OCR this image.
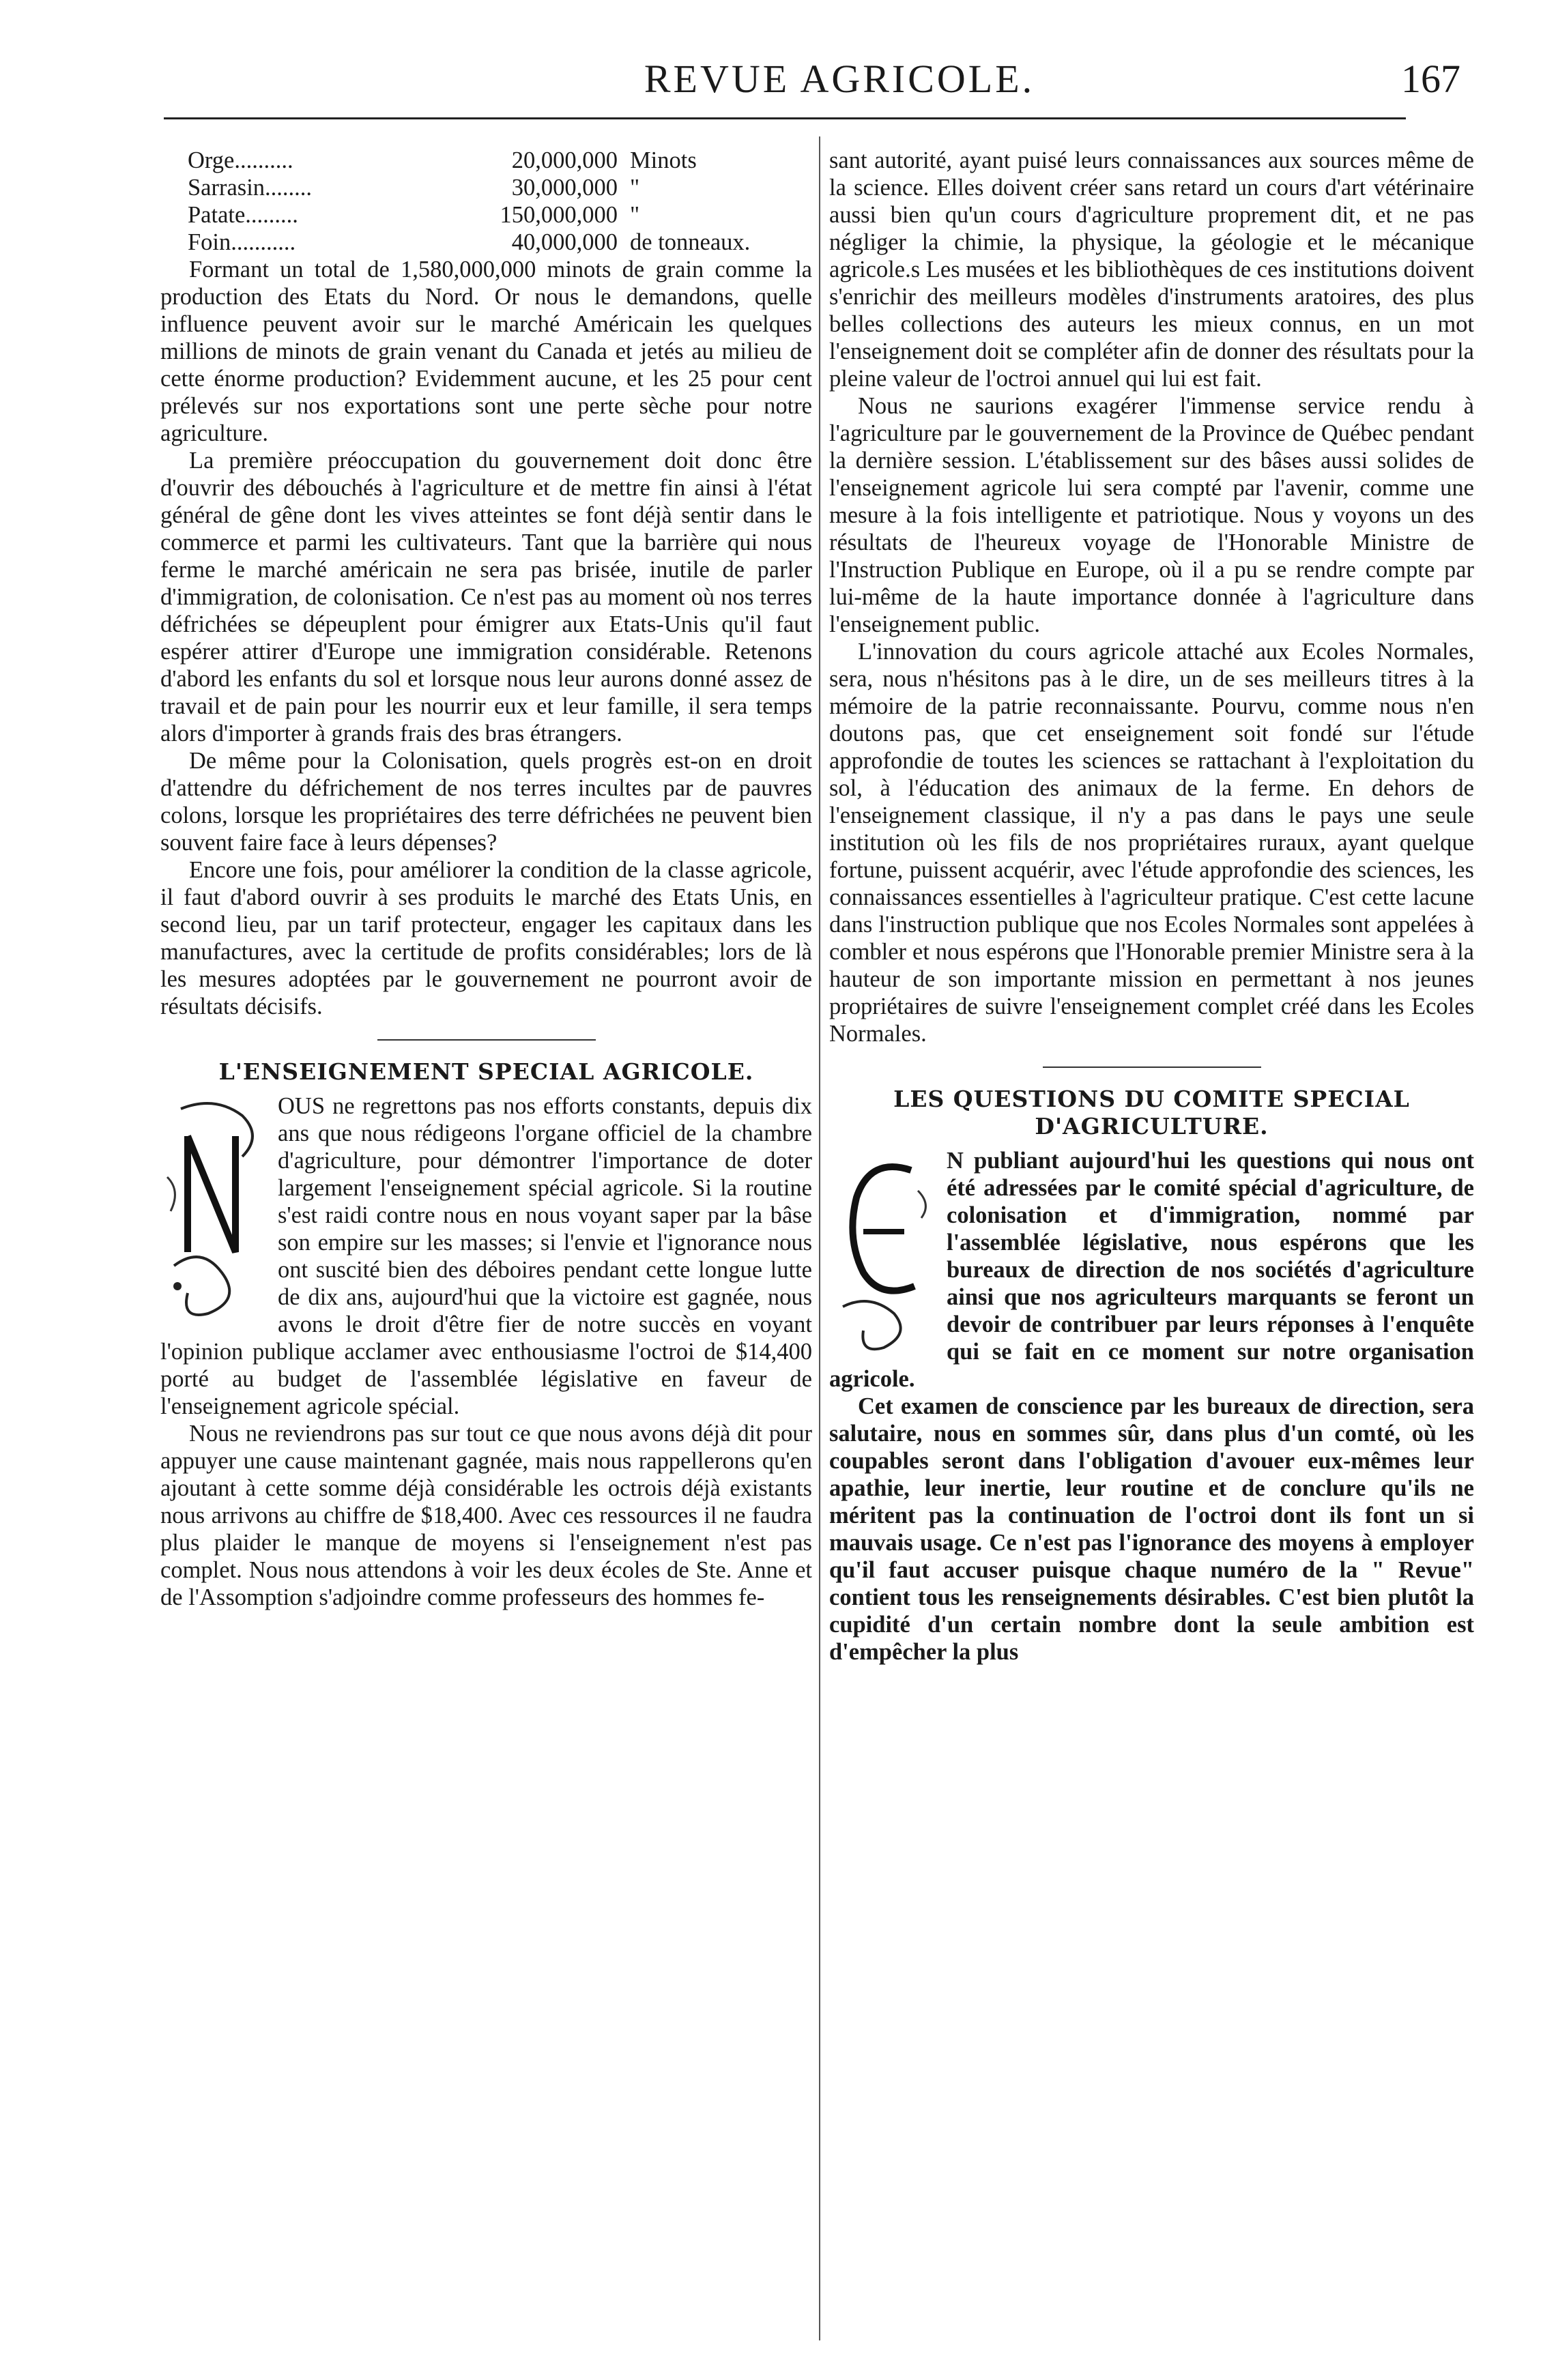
REVUE AGRICOLE.	167
Orge..........	20,000,000 Minots
Sarrasin........	30,000,000 "
Patate.........	150,000,000 "
Foin...........	40,000,000 de tonneaux.

Formant un total de 1,580,000,000 minots de grain comme la production des Etats du Nord. Or nous le demandons, quelle influence peuvent avoir sur le marché Américain les quelques millions de minots de grain venant du Canada et jetés au milieu de cette énorme production? Evidemment aucune, et les 25 pour cent prélevés sur nos exportations sont une perte sèche pour notre agriculture.

La première préoccupation du gouvernement doit donc être d'ouvrir des débouchés à l'agriculture et de mettre fin ainsi à l'état général de gêne dont les vives atteintes se font déjà sentir dans le commerce et parmi les cultivateurs. Tant que la barrière qui nous ferme le marché américain ne sera pas brisée, inutile de parler d'immigration, de colonisation. Ce n'est pas au moment où nos terres défrichées se dépeuplent pour émigrer aux Etats-Unis qu'il faut espérer attirer d'Europe une immigration considérable. Retenons d'abord les enfants du sol et lorsque nous leur aurons donné assez de travail et de pain pour les nourrir eux et leur famille, il sera temps alors d'importer à grands frais des bras étrangers.

De même pour la Colonisation, quels progrès est-on en droit d'attendre du défrichement de nos terres incultes par de pauvres colons, lorsque les propriétaires des terre défrichées ne peuvent bien souvent faire face à leurs dépenses?

Encore une fois, pour améliorer la condition de la classe agricole, il faut d'abord ouvrir à ses produits le marché des Etats Unis, en second lieu, par un tarif protecteur, engager les capitaux dans les manufactures, avec la certitude de profits considérables; lors de là les mesures adoptées par le gouvernement ne pourront avoir de résultats décisifs.

L'ENSEIGNEMENT SPECIAL AGRICOLE.

OUS ne regrettons pas nos efforts constants, depuis dix ans que nous rédigeons l'organe officiel de la chambre d'agriculture, pour démontrer l'importance de doter largement l'enseignement spécial agricole. Si la routine s'est raidi contre nous en nous voyant saper par la bâse son empire sur les masses; si l'envie et l'ignorance nous ont suscité bien des déboires pendant cette longue lutte de dix ans, aujourd'hui que la victoire est gagnée, nous avons le droit d'être fier de notre succès en voyant l'opinion publique acclamer avec enthousiasme l'octroi de $14,400 porté au budget de l'assemblée législative en faveur de l'enseignement agricole spécial.

Nous ne reviendrons pas sur tout ce que nous avons déjà dit pour appuyer une cause maintenant gagnée, mais nous rappellerons qu'en ajoutant à cette somme déjà considérable les octrois déjà existants nous arrivons au chiffre de $18,400. Avec ces ressources il ne faudra plus plaider le manque de moyens si l'enseignement n'est pas complet. Nous nous attendons à voir les deux écoles de Ste. Anne et de l'Assomption s'adjoindre comme professeurs des hommes fe-

sant autorité, ayant puisé leurs connaissances aux sources même de la science. Elles doivent créer sans retard un cours d'art vétérinaire aussi bien qu'un cours d'agriculture proprement dit, et ne pas négliger la chimie, la physique, la géologie et le mécanique agricole.s Les musées et les bibliothèques de ces institutions doivent s'enrichir des meilleurs modèles d'instruments aratoires, des plus belles collections des auteurs les mieux connus, en un mot l'enseignement doit se compléter afin de donner des résultats pour la pleine valeur de l'octroi annuel qui lui est fait.

Nous ne saurions exagérer l'immense service rendu à l'agriculture par le gouvernement de la Province de Québec pendant la dernière session. L'établissement sur des bâses aussi solides de l'enseignement agricole lui sera compté par l'avenir, comme une mesure à la fois intelligente et patriotique. Nous y voyons un des résultats de l'heureux voyage de l'Honorable Ministre de l'Instruction Publique en Europe, où il a pu se rendre compte par lui-même de la haute importance donnée à l'agriculture dans l'enseignement public.

L'innovation du cours agricole attaché aux Ecoles Normales, sera, nous n'hésitons pas à le dire, un de ses meilleurs titres à la mémoire de la patrie reconnaissante. Pourvu, comme nous n'en doutons pas, que cet enseignement soit fondé sur l'étude approfondie de toutes les sciences se rattachant à l'exploitation du sol, à l'éducation des animaux de la ferme. En dehors de l'enseignement classique, il n'y a pas dans le pays une seule institution où les fils de nos propriétaires ruraux, ayant quelque fortune, puissent acquérir, avec l'étude approfondie des sciences, les connaissances essentielles à l'agriculteur pratique. C'est cette lacune dans l'instruction publique que nos Ecoles Normales sont appelées à combler et nous espérons que l'Honorable premier Ministre sera à la hauteur de son importante mission en permettant à nos jeunes propriétaires de suivre l'enseignement complet créé dans les Ecoles Normales.

LES QUESTIONS DU COMITE SPECIAL D'AGRICULTURE.

N publiant aujourd'hui les questions qui nous ont été adressées par le comité spécial d'agriculture, de colonisation et d'immigration, nommé par l'assemblée législative, nous espérons que les bureaux de direction de nos sociétés d'agriculture ainsi que nos agriculteurs marquants se feront un devoir de contribuer par leurs réponses à l'enquête qui se fait en ce moment sur notre organisation agricole.

Cet examen de conscience par les bureaux de direction, sera salutaire, nous en sommes sûr, dans plus d'un comté, où les coupables seront dans l'obligation d'avouer eux-mêmes leur apathie, leur inertie, leur routine et de conclure qu'ils ne méritent pas la continuation de l'octroi dont ils font un si mauvais usage. Ce n'est pas l'ignorance des moyens à employer qu'il faut accuser puisque chaque numéro de la " Revue" contient tous les renseignements désirables. C'est bien plutôt la cupidité d'un certain nombre dont la seule ambition est d'empêcher la plus
